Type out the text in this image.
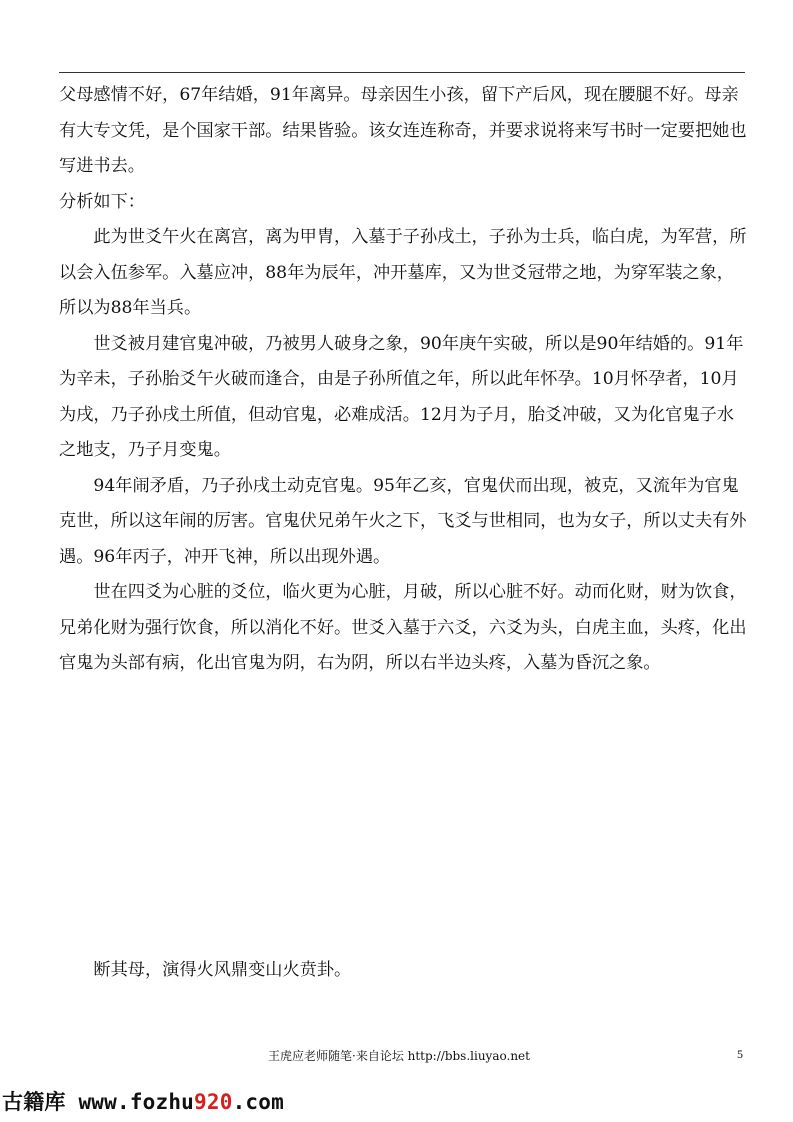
父母感情不好，67年结婚，91年离异。母亲因生小孩，留下产后风，现在腰腿不好。母亲有大专文凭，是个国家干部。结果皆验。该女连连称奇，并要求说将来写书时一定要把她也写进书去。

分析如下：

此为世爻午火在离宫，离为甲胄，入墓于子孙戌土，子孙为士兵，临白虎，为军营，所以会入伍参军。入墓应冲，88年为辰年，冲开墓库，又为世爻冠带之地，为穿军装之象，所以为88年当兵。

世爻被月建官鬼冲破，乃被男人破身之象，90年庚午实破，所以是90年结婚的。91年为辛未，子孙胎爻午火破而逢合，由是子孙所值之年，所以此年怀孕。10月怀孕者，10月为戌，乃子孙戌土所值，但动官鬼，必难成活。12月为子月，胎爻冲破，又为化官鬼子水之地支，乃子月变鬼。

94年闹矛盾，乃子孙戌土动克官鬼。95年乙亥，官鬼伏而出现，被克，又流年为官鬼克世，所以这年闹的厉害。官鬼伏兄弟午火之下，飞爻与世相同，也为女子，所以丈夫有外遇。96年丙子，冲开飞神，所以出现外遇。

世在四爻为心脏的爻位，临火更为心脏，月破，所以心脏不好。动而化财，财为饮食，兄弟化财为强行饮食，所以消化不好。世爻入墓于六爻，六爻为头，白虎主血，头疼，化出官鬼为头部有病，化出官鬼为阴，右为阴，所以右半边头疼，入墓为昏沉之象。

断其母，演得火风鼎变山火贲卦。

王虎应老师随笔·来自论坛 http://bbs.liuyao.net	5
古籍库 www.fozhu920.com
